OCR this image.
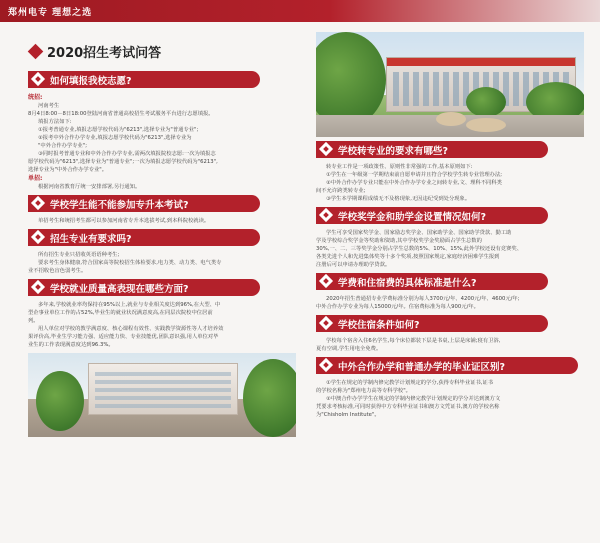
郑州电专 理想之选
2020招生考试问答
如何填报我校志愿?
统招:
河南考生
8月4日8:00－8日18:00登陆河南省普通高校招生考试服务平台进行志愿填报。
填报方法如下:
①报考普通专业,填报志愿学校代码为"6213",选择专业为"普通专业";
②报考中外合作办学专业,填报志愿学校代码为"6213",选择专业为
"中外合作办学专业";
③同时报考普通专业和中外合作办学专业,需两次填报院校志愿:一次为填报志
愿学校代码为"6213",选择专业为"普通专业";一次为填报志愿学校代码为"6213",
选择专业为"中外合作办学专业"。
单招:
根据河南省教育厅统一安排部署,另行通知。
学校学生能不能参加专升本考试?
单招考生和统招考生都可以参加河南省专升本选拔考试,到本科院校就读。
招生专业有要求吗?
所有招生专业只招收英语语种考生;
要求考生身体健康,符合国家高等院校招生体检要求,电力类、动力类、电气类专
业不招收色盲色弱考生。
学校就业质量高表现在哪些方面?
多年来,学校就业率均保持在95%以上,就业与专业相关度达到96%,在大型、中
型企事业单位工作的占52%,毕业生的就业状况满意度高,在同层次院校中位居前
列。
用人单位对学校的教学满意度、核心课程有效性、实践教学资源性等人才培养效
果评价高,毕业生学习能力强、适应能力快、专业技能优,团队意识强,用人单位对毕
业生的工作表现满意度达到96.3%。
学校转专业的要求有哪些?
转专业工作是一项政策性、原则性非常强的工作,基本原则如下:
①学生在一年级第一学期结束前自愿申请并且符合学校学生转专业管理办法;
②中外合作办学专业只能在中外合作办学专业之间转专业,文、理科不同科类
间不允许跨类转专业;
③学生本学期课程成绩无不及格现象,无因违纪受到处分现象。
学校奖学金和助学金设置情况如何?
学生可享受国家奖学金、国家励志奖学金、国家助学金、国家助学贷款、勤工助
学及学校综合奖学金等奖助和资助,其中学校奖学金奖励面占学生总数的
30%,一、二、三等奖学金分别占学生总数的5%、10%、15%,此外学校还设有竞赛奖、
各类先进个人和先进集体奖等十多个奖项,按照国家规定,家庭经济困难学生报到
注册后可以申请办理助学贷款。
学费和住宿费的具体标准是什么?
2020年招生普通招专业学费标准分别为每人3700元/年、4200元/年、4600元/年;
中外合作办学专业为每人15000元/年。住宿费标准为每人900元/年。
学校住宿条件如何?
学校每个宿舍入住6名学生,每个床位都装下层是书桌,上层是床铺;寝有卫浴,
夏有空调,学生用电全免费。
中外合作办学和普通办学的毕业证区别?
①学生在规定的学制内修完教学计划规定的学分,获得专科毕业证书,证书
的学校名称为"郑州电力高等专科学校"。
②中澳合作办学学生在规定的学制内修完教学计划规定的学分并达到澳方文
凭要求考核标准,可同时获得中方专科毕业证书和澳方文凭证书,澳方的学校名称
为"Chisholm Institute"。
